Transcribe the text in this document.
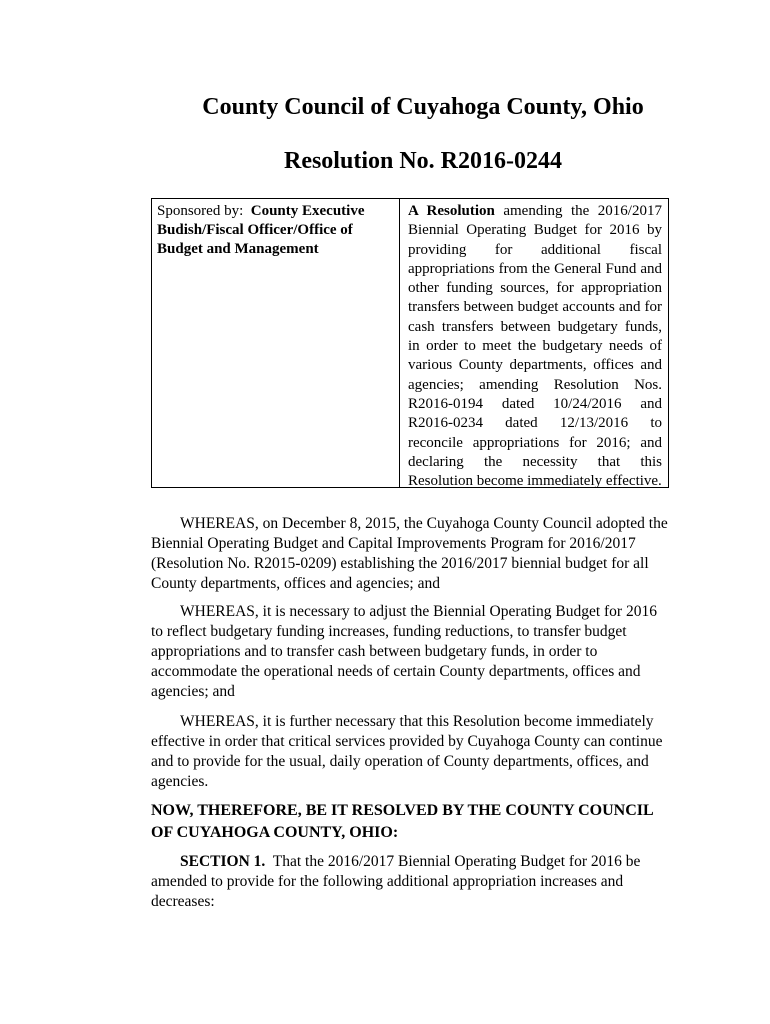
County Council of Cuyahoga County, Ohio
Resolution No. R2016-0244
Sponsored by: County Executive
Budish/Fiscal Officer/Office of
Budget and Management
A Resolution amending the 2016/2017 Biennial Operating Budget for 2016 by providing for additional fiscal appropriations from the General Fund and other funding sources, for appropriation transfers between budget accounts and for cash transfers between budgetary funds, in order to meet the budgetary needs of various County departments, offices and agencies; amending Resolution Nos. R2016-0194 dated 10/24/2016 and R2016-0234 dated 12/13/2016 to reconcile appropriations for 2016; and declaring the necessity that this Resolution become immediately effective.
WHEREAS, on December 8, 2015, the Cuyahoga County Council adopted the Biennial Operating Budget and Capital Improvements Program for 2016/2017 (Resolution No. R2015-0209) establishing the 2016/2017 biennial budget for all County departments, offices and agencies; and
WHEREAS, it is necessary to adjust the Biennial Operating Budget for 2016 to reflect budgetary funding increases, funding reductions, to transfer budget appropriations and to transfer cash between budgetary funds, in order to accommodate the operational needs of certain County departments, offices and agencies; and
WHEREAS, it is further necessary that this Resolution become immediately effective in order that critical services provided by Cuyahoga County can continue and to provide for the usual, daily operation of County departments, offices, and agencies.
NOW, THEREFORE, BE IT RESOLVED BY THE COUNTY COUNCIL OF CUYAHOGA COUNTY, OHIO:
SECTION 1. That the 2016/2017 Biennial Operating Budget for 2016 be amended to provide for the following additional appropriation increases and decreases:
